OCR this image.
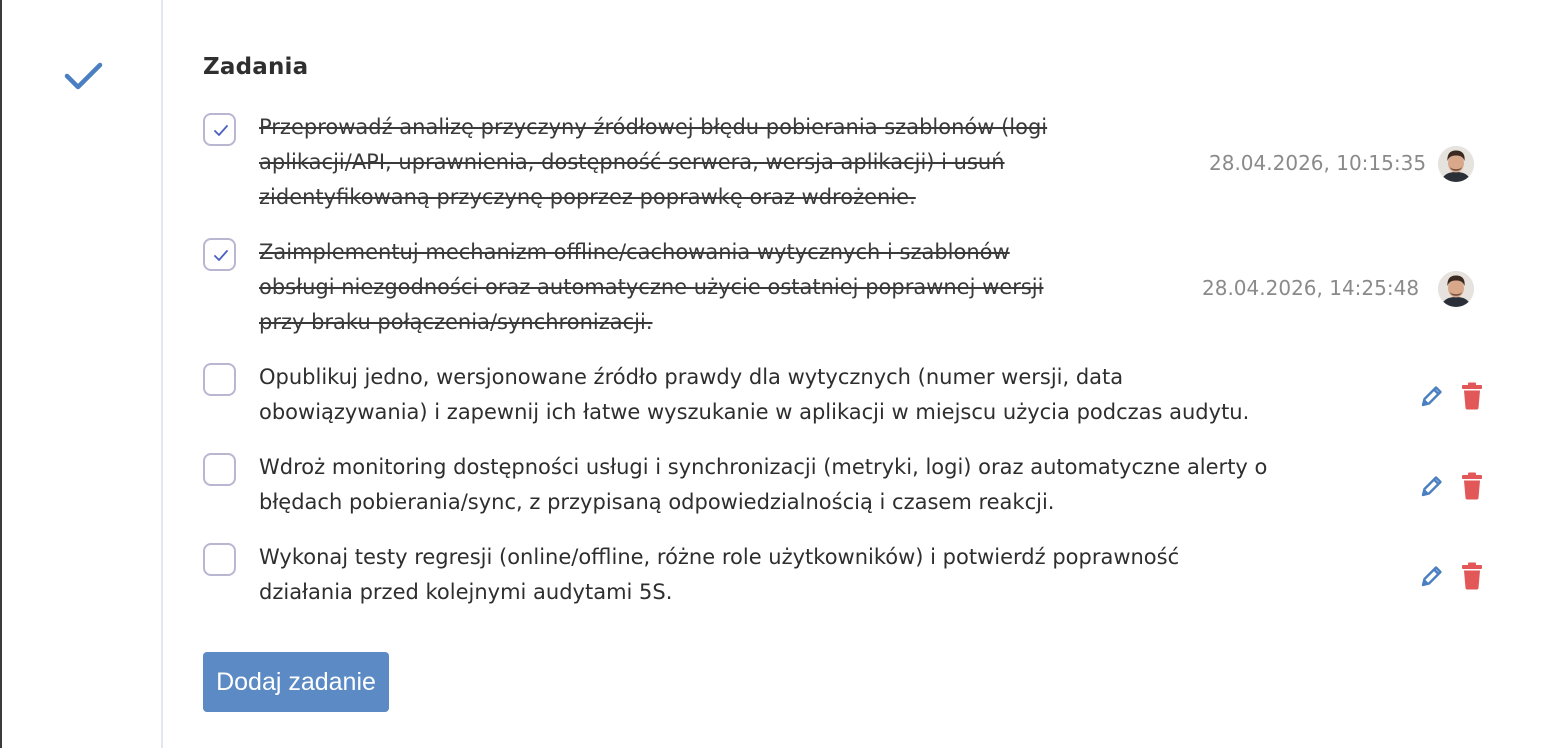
Zadania

Przeprowadź analizę przyczyny źródłowej błędu pobierania szablonów (logi
aplikacji/API, uprawnienia, dostępność serwera, wersja aplikacji) i usuń
zidentyfikowaną przyczynę poprzez poprawkę oraz wdrożenie.

28.04.2026, 10:15:35

Zaimplementuj mechanizm offline/cachowania wytycznych i szablonów
obsługi niezgodności oraz automatyczne użycie ostatniej poprawnej wersji
przy braku połączenia/synchronizacji.

28.04.2026, 14:25:48

Opublikuj jedno, wersjonowane źródło prawdy dla wytycznych (numer wersji, data
obowiązywania) i zapewnij ich łatwe wyszukanie w aplikacji w miejscu użycia podczas audytu.

Wdroż monitoring dostępności usługi i synchronizacji (metryki, logi) oraz automatyczne alerty o
błędach pobierania/sync, z przypisaną odpowiedzialnością i czasem reakcji.

Wykonaj testy regresji (online/offline, różne role użytkowników) i potwierdź poprawność
działania przed kolejnymi audytami 5S.

Dodaj zadanie
